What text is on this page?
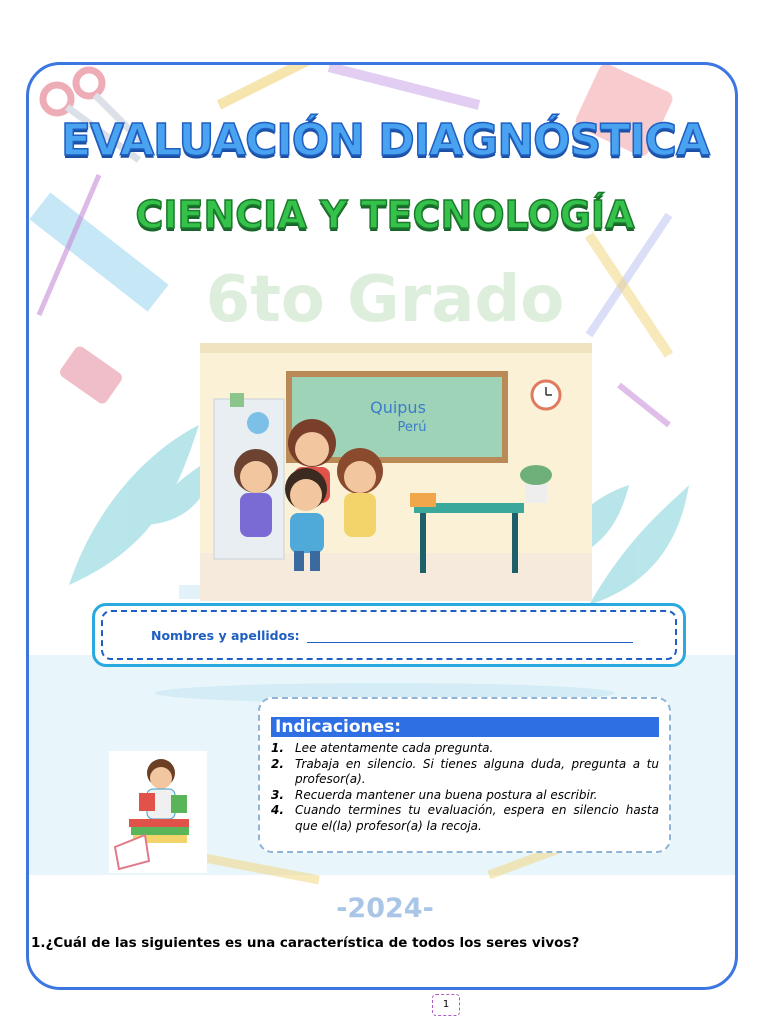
EVALUACIÓN DIAGNÓSTICA
CIENCIA Y TECNOLOGÍA
6to Grado
Quipus
Perú
Nombres y apellidos:
Indicaciones:
1. Lee atentamente cada pregunta.
2. Trabaja en silencio. Si tienes alguna duda, pregunta a tu profesor(a).
3. Recuerda mantener una buena postura al escribir.
4. Cuando termines tu evaluación, espera en silencio hasta que el(la) profesor(a) la recoja.
-2024-
1.¿Cuál de las siguientes es una característica de todos los seres vivos?
1
